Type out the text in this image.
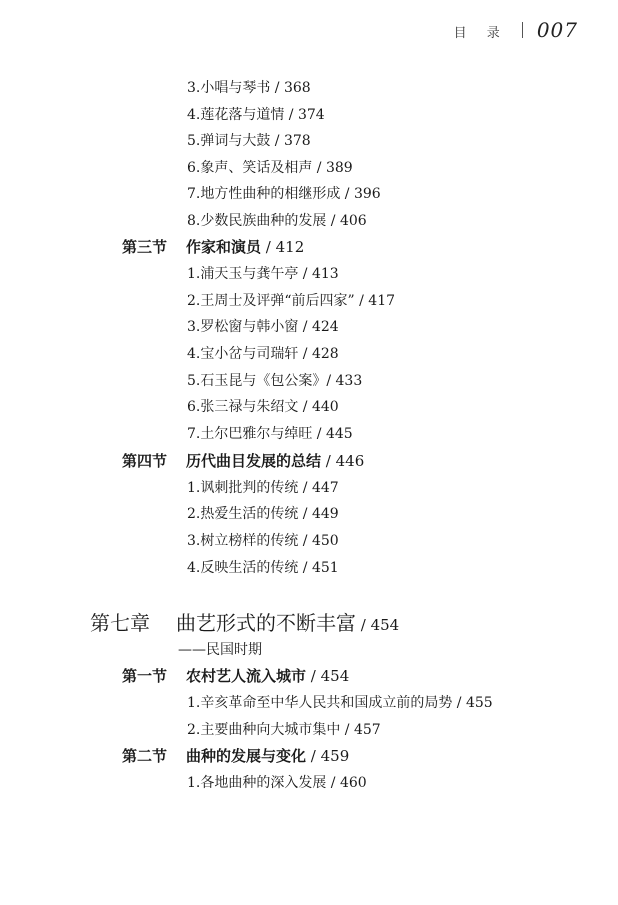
目 录 007
3.小唱与琴书 / 368
4.莲花落与道情 / 374
5.弹词与大鼓 / 378
6.象声、笑话及相声 / 389
7.地方性曲种的相继形成 / 396
8.少数民族曲种的发展 / 406
第三节 作家和演员 / 412
1.浦天玉与龚午亭 / 413
2.王周士及评弹“前后四家” / 417
3.罗松窗与韩小窗 / 424
4.宝小岔与司瑞轩 / 428
5.石玉昆与《包公案》/ 433
6.张三禄与朱绍文 / 440
7.土尔巴雅尔与绰旺 / 445
第四节 历代曲目发展的总结 / 446
1.讽刺批判的传统 / 447
2.热爱生活的传统 / 449
3.树立榜样的传统 / 450
4.反映生活的传统 / 451
第七章 曲艺形式的不断丰富 / 454
——民国时期
第一节 农村艺人流入城市 / 454
1.辛亥革命至中华人民共和国成立前的局势 / 455
2.主要曲种向大城市集中 / 457
第二节 曲种的发展与变化 / 459
1.各地曲种的深入发展 / 460
